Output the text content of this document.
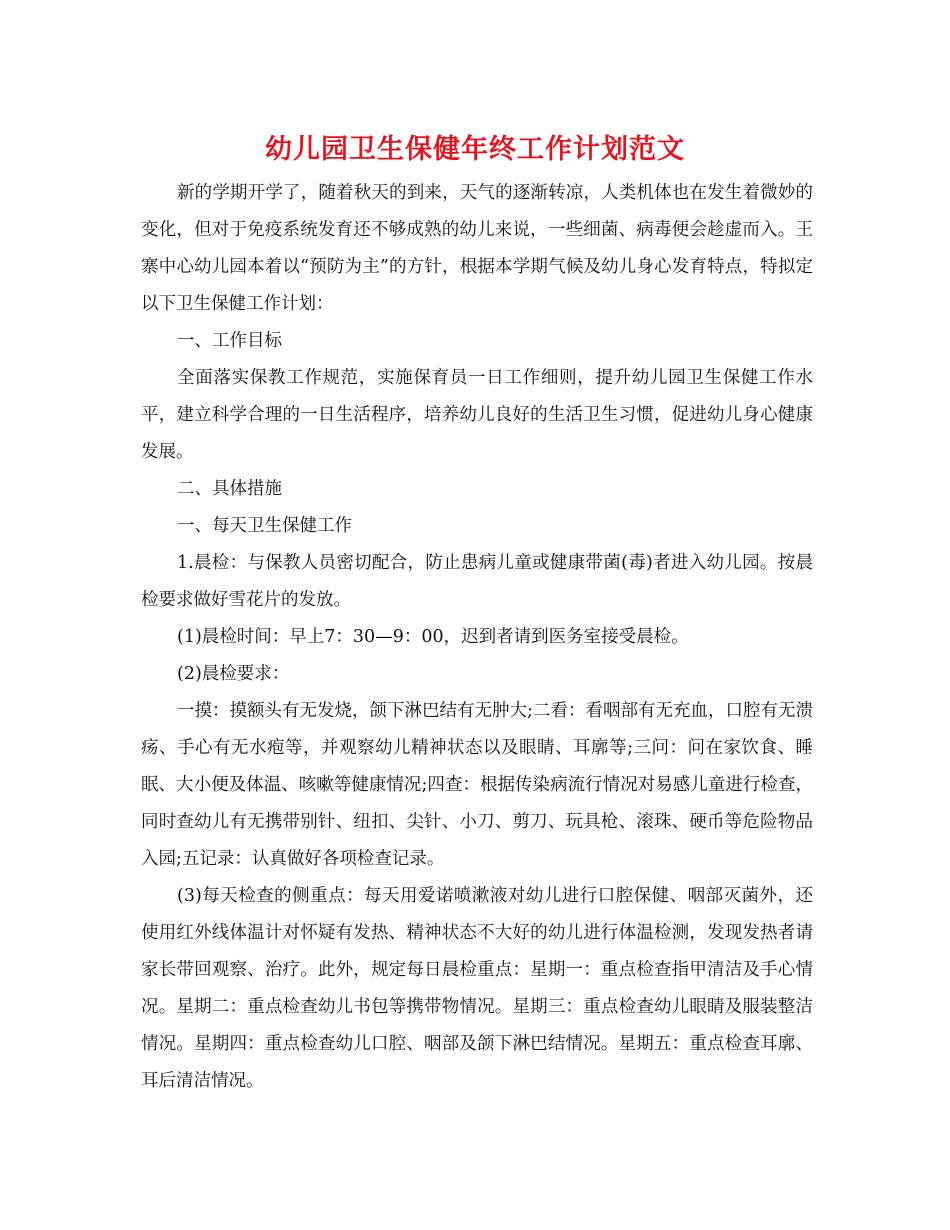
幼儿园卫生保健年终工作计划范文

新的学期开学了，随着秋天的到来，天气的逐渐转凉，人类机体也在发生着微妙的变化，但对于免疫系统发育还不够成熟的幼儿来说，一些细菌、病毒便会趁虚而入。王寨中心幼儿园本着以“预防为主”的方针，根据本学期气候及幼儿身心发育特点，特拟定以下卫生保健工作计划：

一、工作目标

全面落实保教工作规范，实施保育员一日工作细则，提升幼儿园卫生保健工作水平，建立科学合理的一日生活程序，培养幼儿良好的生活卫生习惯，促进幼儿身心健康发展。

二、具体措施

一、每天卫生保健工作

1.晨检：与保教人员密切配合，防止患病儿童或健康带菌(毒)者进入幼儿园。按晨检要求做好雪花片的发放。

(1)晨检时间：早上7：30—9：00，迟到者请到医务室接受晨检。

(2)晨检要求：

一摸：摸额头有无发烧，颌下淋巴结有无肿大;二看：看咽部有无充血，口腔有无溃疡、手心有无水疱等，并观察幼儿精神状态以及眼睛、耳廓等;三问：问在家饮食、睡眠、大小便及体温、咳嗽等健康情况;四查：根据传染病流行情况对易感儿童进行检查，同时查幼儿有无携带别针、纽扣、尖针、小刀、剪刀、玩具枪、滚珠、硬币等危险物品入园;五记录：认真做好各项检查记录。

(3)每天检查的侧重点：每天用爱诺喷漱液对幼儿进行口腔保健、咽部灭菌外，还使用红外线体温计对怀疑有发热、精神状态不大好的幼儿进行体温检测，发现发热者请家长带回观察、治疗。此外，规定每日晨检重点：星期一：重点检查指甲清洁及手心情况。星期二：重点检查幼儿书包等携带物情况。星期三：重点检查幼儿眼睛及服装整洁情况。星期四：重点检查幼儿口腔、咽部及颌下淋巴结情况。星期五：重点检查耳廓、耳后清洁情况。
